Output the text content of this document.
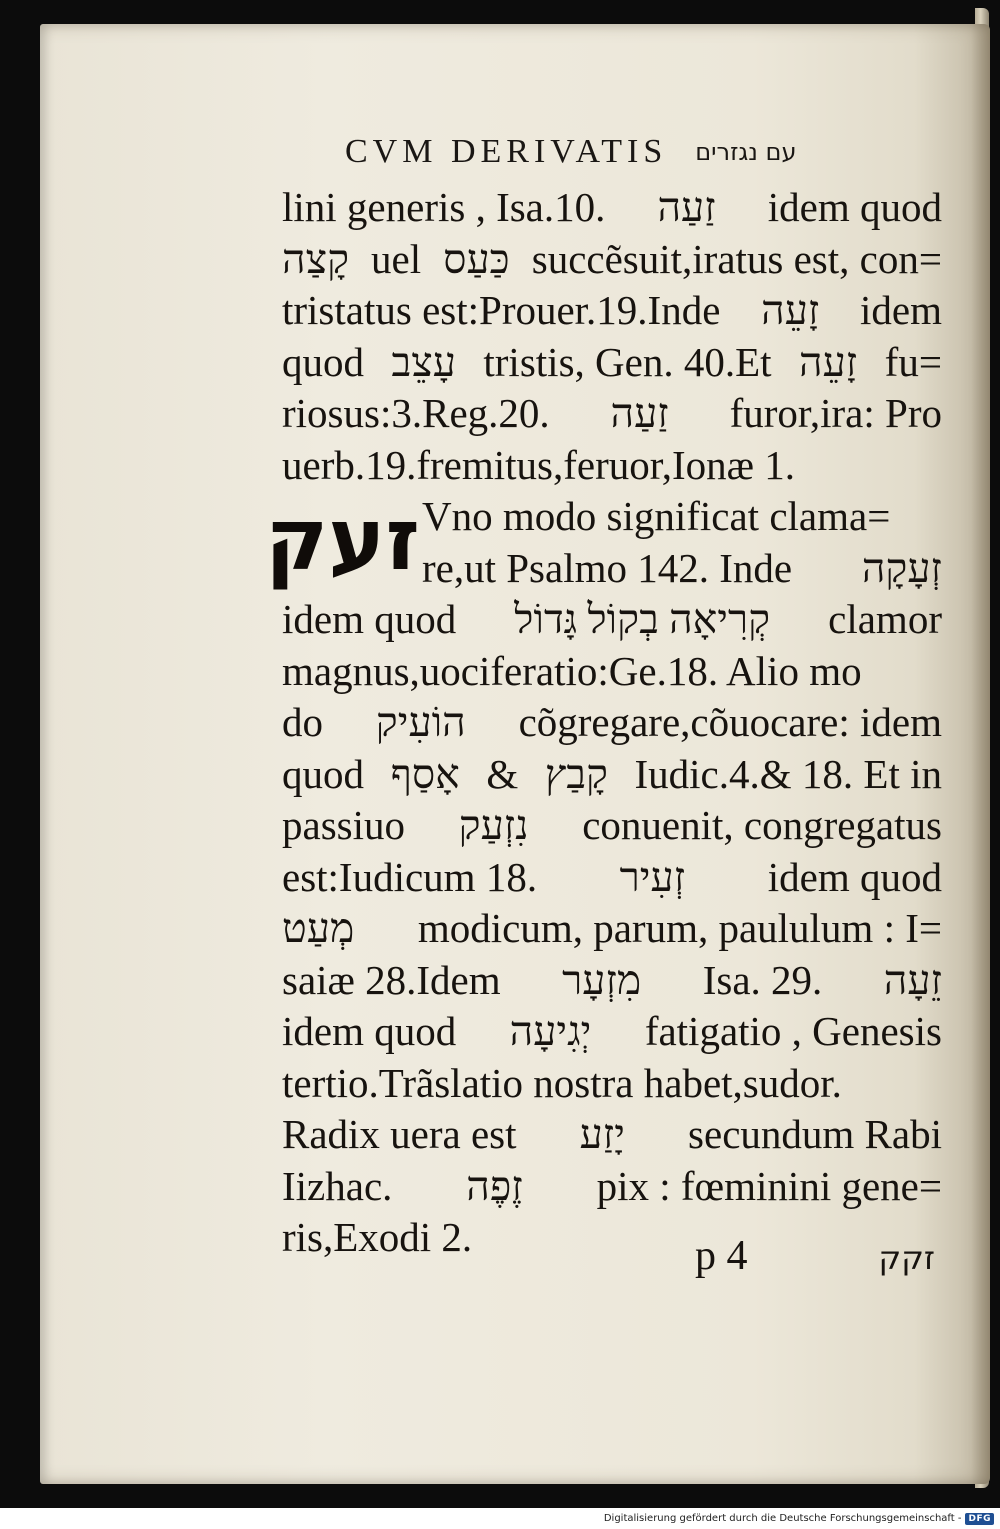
CVM DERIVATIS עם נגזרים
זעק
lini generis , Isa.10. זַעַה idem quod
קָצַה uel כַּעַס succẽsuit,iratus est, con=
tristatus est:Prouer.19.Inde זָעֵה idem
quod עָצֵב tristis, Gen. 40.Et זָעֵה fu=
riosus:3.Reg.20. זַעַה furor,ira: Pro
uerb.19.fremitus,feruor,Ionæ 1.
Vno modo significat clama=
re,ut Psalmo 142. Inde זְעָקָה
idem quod קְרִיאָה בְקוֹל גָּדוֹל clamor
magnus,uociferatio:Ge.18. Alio mo
do הוֹעִיק cõgregare,cõuocare: idem
quod אָסַף & קָבַץ Iudic.4.& 18. Et in
passiuo נִזְעַק conuenit, congregatus
est:Iudicum 18. זְעִיר idem quod
מְעַט modicum, parum, paululum : I=
saiæ 28.Idem מִזְעָר Isa. 29. זֵעָה
idem quod יְגִיעָה fatigatio , Genesis
tertio.Trãslatio nostra habet,sudor.
Radix uera est יָזַע secundum Rabi
Iizhac. זֶפֶה pix : fœminini gene=
ris,Exodi 2.	p 4	זקק
Digitalisierung gefördert durch die Deutsche Forschungsgemeinschaft - DFG
